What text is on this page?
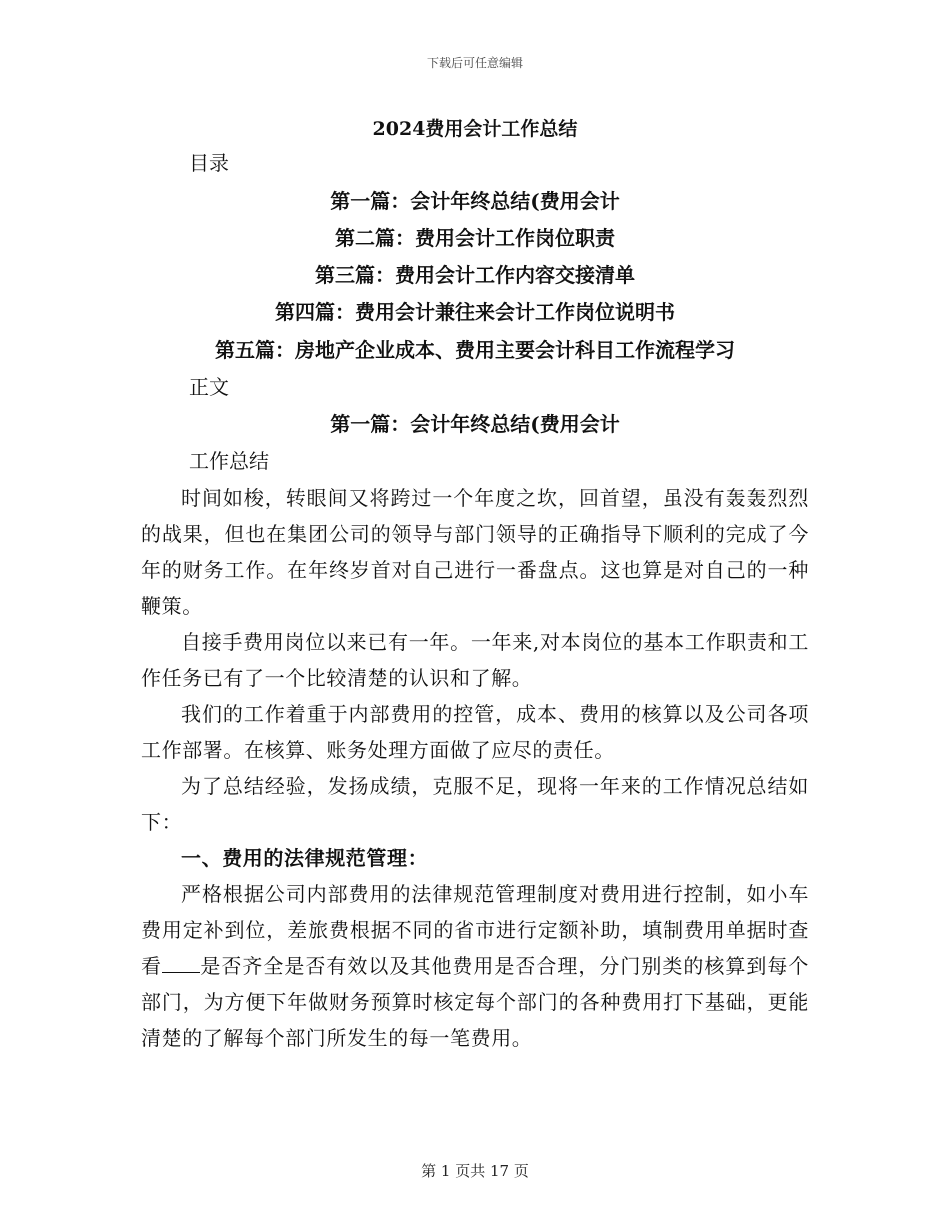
下载后可任意编辑
2024费用会计工作总结
目录
第一篇：会计年终总结(费用会计
第二篇：费用会计工作岗位职责
第三篇：费用会计工作内容交接清单
第四篇：费用会计兼往来会计工作岗位说明书
第五篇：房地产企业成本、费用主要会计科目工作流程学习
正文
第一篇：会计年终总结(费用会计
工作总结

时间如梭，转眼间又将跨过一个年度之坎，回首望，虽没有轰轰烈烈的战果，但也在集团公司的领导与部门领导的正确指导下顺利的完成了今年的财务工作。在年终岁首对自己进行一番盘点。这也算是对自己的一种鞭策。

自接手费用岗位以来已有一年。一年来,对本岗位的基本工作职责和工作任务已有了一个比较清楚的认识和了解。

我们的工作着重于内部费用的控管，成本、费用的核算以及公司各项工作部署。在核算、账务处理方面做了应尽的责任。

为了总结经验，发扬成绩，克服不足，现将一年来的工作情况总结如下：

一、费用的法律规范管理：

严格根据公司内部费用的法律规范管理制度对费用进行控制，如小车费用定补到位，差旅费根据不同的省市进行定额补助，填制费用单据时查看 是否齐全是否有效以及其他费用是否合理，分门别类的核算到每个部门，为方便下年做财务预算时核定每个部门的各种费用打下基础，更能清楚的了解每个部门所发生的每一笔费用。

第 1 页共 17 页
